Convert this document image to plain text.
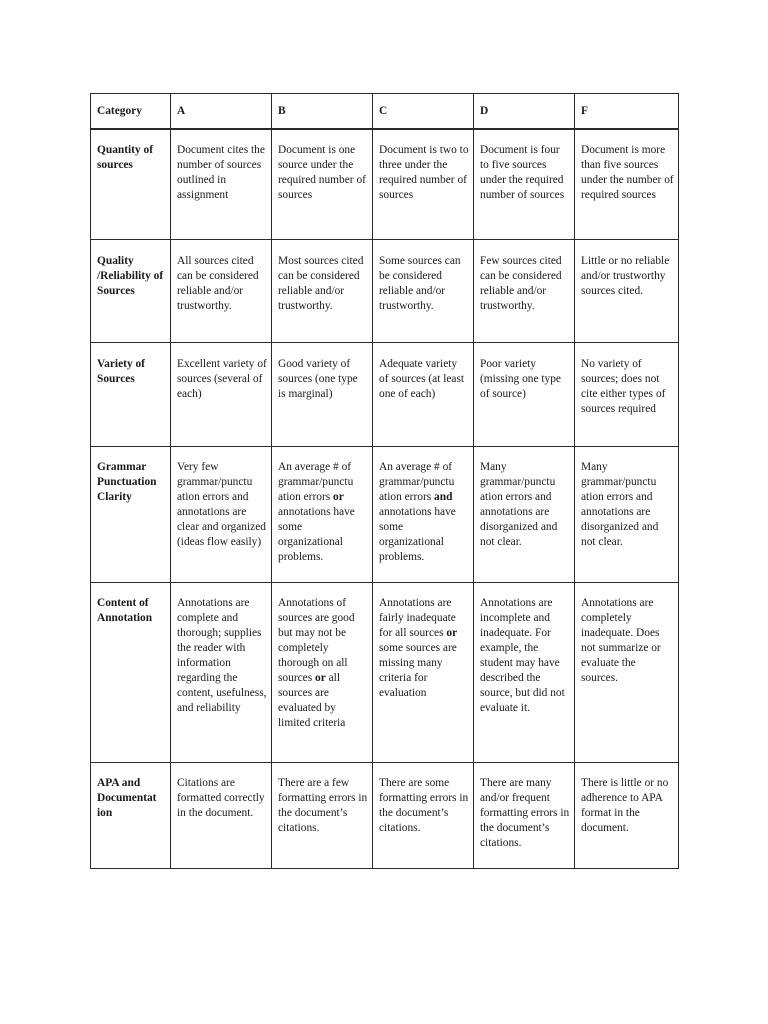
Category	A	B	C	D	F
Quantity of sources	Document cites the number of sources outlined in assignment	Document is one source under the required number of sources	Document is two to three under the required number of sources	Document is four to five sources under the required number of sources	Document is more than five sources under the number of required sources
Quality /Reliability of Sources	All sources cited can be considered reliable and/or trustworthy.	Most sources cited can be considered reliable and/or trustworthy.	Some sources can be considered reliable and/or trustworthy.	Few sources cited can be considered reliable and/or trustworthy.	Little or no reliable and/or trustworthy sources cited.
Variety of Sources	Excellent variety of sources (several of each)	Good variety of sources (one type is marginal)	Adequate variety of sources (at least one of each)	Poor variety (missing one type of source)	No variety of sources; does not cite either types of sources required
Grammar Punctuation Clarity	Very few grammar/punctu ation errors and annotations are clear and organized (ideas flow easily)	An average # of grammar/punctu ation errors or annotations have some organizational problems.	An average # of grammar/punctu ation errors and annotations have some organizational problems.	Many grammar/punctu ation errors and annotations are disorganized and not clear.	Many grammar/punctu ation errors and annotations are disorganized and not clear.
Content of Annotation	Annotations are complete and thorough; supplies the reader with information regarding the content, usefulness, and reliability	Annotations of sources are good but may not be completely thorough on all sources or all sources are evaluated by limited criteria	Annotations are fairly inadequate for all sources or some sources are missing many criteria for evaluation	Annotations are incomplete and inadequate. For example, the student may have described the source, but did not evaluate it.	Annotations are completely inadequate. Does not summarize or evaluate the sources.
APA and Documentat ion	Citations are formatted correctly in the document.	There are a few formatting errors in the document’s citations.	There are some formatting errors in the document’s citations.	There are many and/or frequent formatting errors in the document’s citations.	There is little or no adherence to APA format in the document.
